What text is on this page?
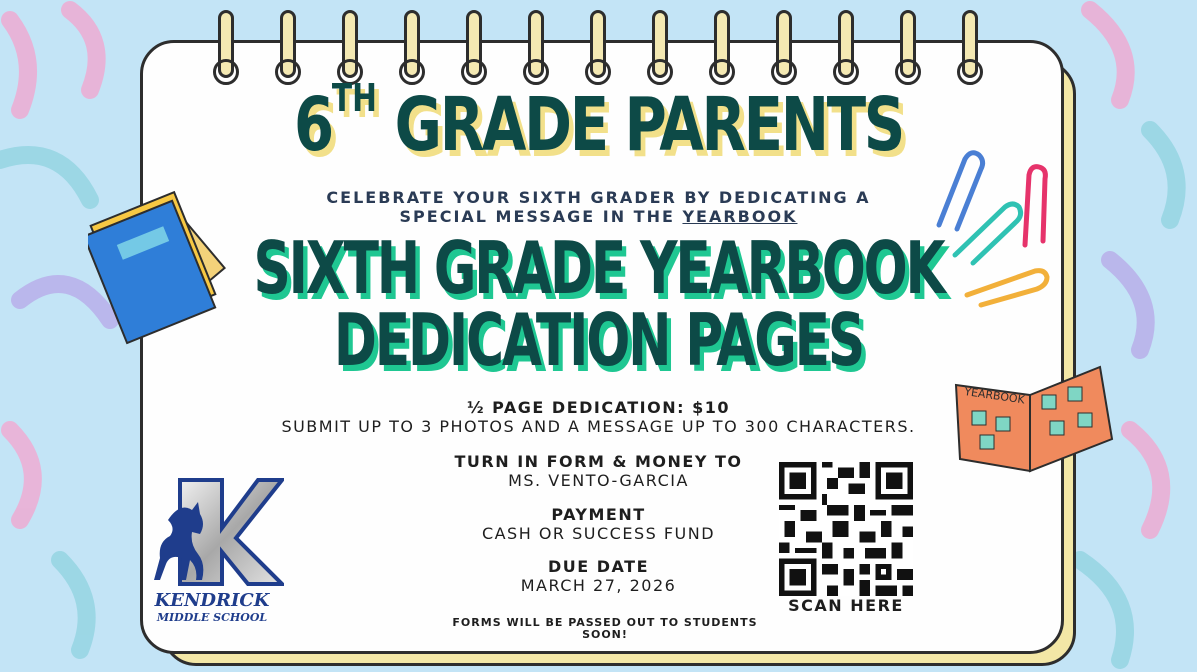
6TH GRADE PARENTS
CELEBRATE YOUR SIXTH GRADER BY DEDICATING A
SPECIAL MESSAGE IN THE YEARBOOK
SIXTH GRADE YEARBOOK
DEDICATION PAGES
½ PAGE DEDICATION: $10
SUBMIT UP TO 3 PHOTOS AND A MESSAGE UP TO 300 CHARACTERS.
TURN IN FORM & MONEY TO
MS. VENTO-GARCIA
PAYMENT
CASH OR SUCCESS FUND
DUE DATE
MARCH 27, 2026
FORMS WILL BE PASSED OUT TO STUDENTS SOON!
SCAN HERE
KENDRICK
MIDDLE SCHOOL
YEARBOOK
